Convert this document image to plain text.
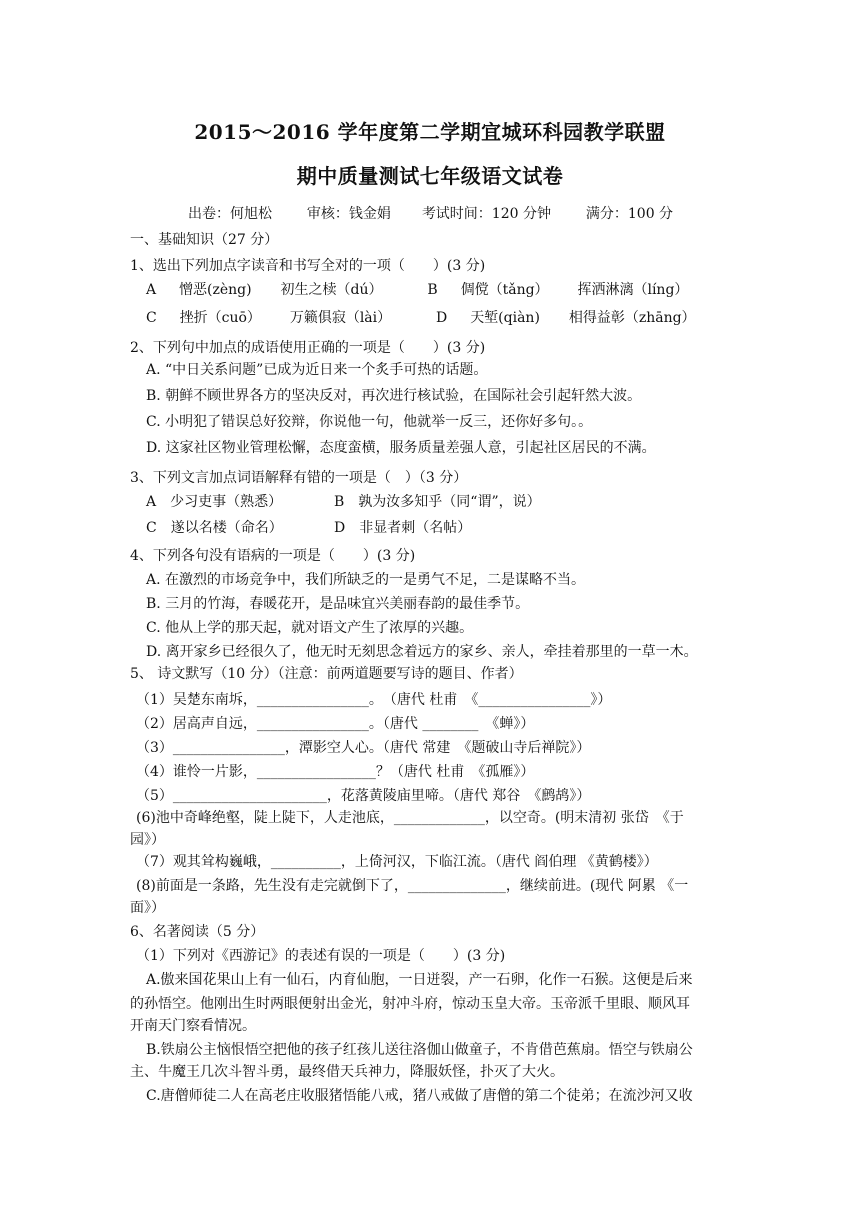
2015～2016 学年度第二学期宜城环科园教学联盟
期中质量测试七年级语文试卷
出卷：何旭松 审核：钱金娟 考试时间：120 分钟 满分：100 分
一、基础知识（27 分）
1、选出下列加点字读音和书写全对的一项（　　）(3 分)
A 憎恶(zèng) 初生之椟（dú）	B 倜傥（tǎng） 挥洒淋漓（líng）
C 挫折（cuō） 万籁俱寂（lài）	D 天堑(qiàn) 相得益彰（zhāng）
2、下列句中加点的成语使用正确的一项是（　　）(3 分)
A. “中日关系问题”已成为近日来一个炙手可热的话题。
B. 朝鲜不顾世界各方的坚决反对，再次进行核试验，在国际社会引起轩然大波。
C. 小明犯了错误总好狡辩，你说他一句，他就举一反三，还你好多句。。
D. 这家社区物业管理松懈，态度蛮横，服务质量差强人意，引起社区居民的不满。
3、下列文言加点词语解释有错的一项是（　）（3 分）
A　少习吏事（熟悉）	B　孰为汝多知乎（同“谓”，说）
C　遂以名楼（命名）	D　非显者刺（名帖）
4、下列各句没有语病的一项是（　　）(3 分)
A. 在激烈的市场竞争中，我们所缺乏的一是勇气不足，二是谋略不当。
B. 三月的竹海，春暖花开，是品味宜兴美丽春韵的最佳季节。
C. 他从上学的那天起，就对语文产生了浓厚的兴趣。
D. 离开家乡已经很久了，他无时无刻思念着远方的家乡、亲人，牵挂着那里的一草一木。
5、 诗文默写（10 分）（注意：前两道题要写诗的题目、作者）
（1）吴楚东南坼，________________。　（唐代 杜甫　《________________》）
（2）居高声自远，________________。（唐代 ________　《蝉》）
（3）________________，潭影空人心。（唐代 常建　《题破山寺后禅院》）
（4）谁怜一片影，_________________？（唐代 杜甫　《孤雁》）
（5）______________________，花落黄陵庙里啼。（唐代 郑谷　《鹧鸪》）
(6)池中奇峰绝壑，陡上陡下，人走池底，_____________，以空奇。(明末清初 张岱　《于
园》）
（7）观其耸构巍峨，__________，上倚河汉，下临江流。（唐代 阎伯理 《黄鹤楼》）
(8)前面是一条路，先生没有走完就倒下了，______________，继续前进。(现代 阿累 《一
面》）
6、名著阅读（5 分）
（1）下列对《西游记》的表述有误的一项是（　　）(3 分)
A.傲来国花果山上有一仙石，内育仙胞，一日迸裂，产一石卵，化作一石猴。这便是后来
的孙悟空。他刚出生时两眼便射出金光，射冲斗府，惊动玉皇大帝。玉帝派千里眼、顺风耳
开南天门察看情况。
B.铁扇公主恼恨悟空把他的孩子红孩儿送往洛伽山做童子，不肯借芭蕉扇。悟空与铁扇公
主、牛魔王几次斗智斗勇，最终借天兵神力，降服妖怪，扑灭了大火。
C.唐僧师徒二人在高老庄收服猪悟能八戒，猪八戒做了唐僧的第二个徒弟；在流沙河又收
